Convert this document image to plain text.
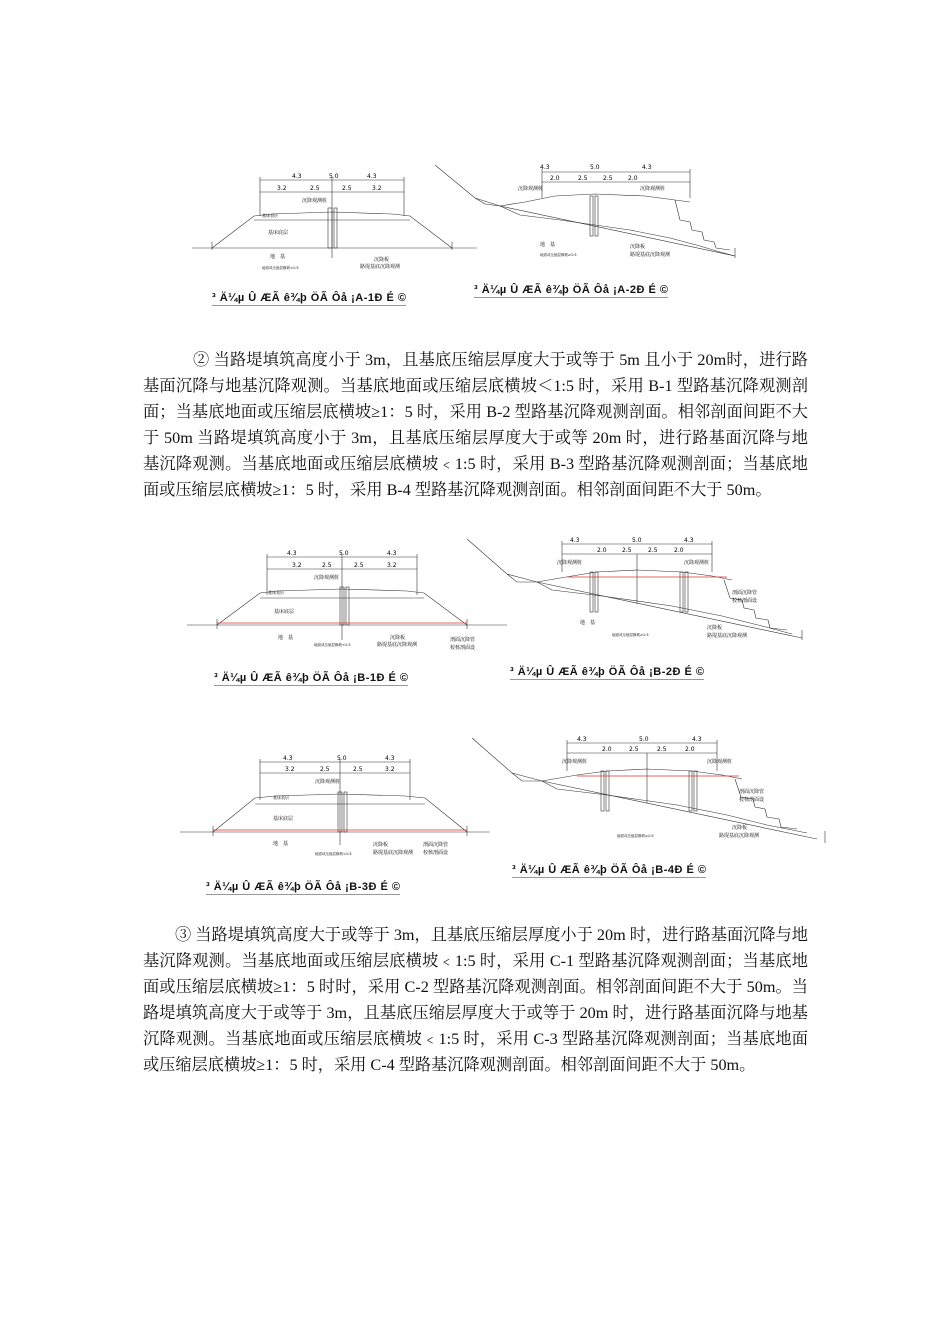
4.3	5.0	4.3
3.2	2.5	2.5	3.2
沉降观测桩
基床表层
基床底层
地　基	沉降板
路堤基底沉降观测
地面或压缩层横坡<1:5
³ Ä¼µ Û ÆÃ ê¾þ ÖÃ Ôå ¡A-1Ð É ©
4.3	5.0	4.3
2.0	2.5	2.5	2.0
沉降观测桩	沉降观测桩
地　基	沉降板
路堤基底沉降观测
地面或压缩层横坡≥1:5
³ Ä¼µ Û ÆÃ ê¾þ ÖÃ Ôå ¡A-2Ð É ©

② 当路堤填筑高度小于 3m，且基底压缩层厚度大于或等于 5m 且小于 20m时，进行路基面沉降与地基沉降观测。当基底地面或压缩层底横坡＜1:5 时，采用 B-1 型路基沉降观测剖面；当基底地面或压缩层底横坡≥1：5 时，采用 B-2 型路基沉降观测剖面。相邻剖面间距不大于 50m 当路堤填筑高度小于 3m，且基底压缩层厚度大于或等 20m 时，进行路基面沉降与地基沉降观测。当基底地面或压缩层底横坡﹤1:5 时，采用 B-3 型路基沉降观测剖面；当基底地面或压缩层底横坡≥1：5 时，采用 B-4 型路基沉降观测剖面。相邻剖面间距不大于 50m。

4.3	5.0	4.3
3.2	2.5	2.5	3.2
沉降观测桩
基床表层
基床底层
地　基	沉降板
路堤基底沉降观测
地面或压缩层横坡<1:5
剖面沉降管
校核剖面设
³ Ä¼µ Û ÆÃ ê¾þ ÖÃ Ôå ¡B-1Ð É ©
4.3	5.0	4.3
2.0	2.5	2.5	2.0
沉降观测桩	沉降观测桩
地　基
沉降板
路堤基底沉降观测
地面或压缩层横坡≥1:5
剖面沉降管
校核剖面设
³ Ä¼µ Û ÆÃ ê¾þ ÖÃ Ôå ¡B-2Ð É ©
4.3	5.0	4.3
3.2	2.5	2.5	3.2
沉降观测桩
基床表层
基床底层
地　基	沉降板
路堤基底沉降观测
地面或压缩层横坡<1:5
剖面沉降管
校核剖面设
³ Ä¼µ Û ÆÃ ê¾þ ÖÃ Ôå ¡B-3Ð É ©
4.3	5.0	4.3
2.0	2.5	2.5	2.0
沉降观测桩	沉降观测桩
沉降板
路堤基底沉降观测
地面或压缩层横坡≥1:5
剖面沉降管
校核剖面设
³ Ä¼µ Û ÆÃ ê¾þ ÖÃ Ôå ¡B-4Ð É ©

③ 当路堤填筑高度大于或等于 3m，且基底压缩层厚度小于 20m 时，进行路基面沉降与地基沉降观测。当基底地面或压缩层底横坡﹤1:5 时，采用 C-1 型路基沉降观测剖面；当基底地面或压缩层底横坡≥1：5 时时，采用 C-2 型路基沉降观测剖面。相邻剖面间距不大于 50m。当路堤填筑高度大于或等于 3m，且基底压缩层厚度大于或等于 20m 时，进行路基面沉降与地基沉降观测。当基底地面或压缩层底横坡﹤1:5 时，采用 C-3 型路基沉降观测剖面；当基底地面或压缩层底横坡≥1：5 时，采用 C-4 型路基沉降观测剖面。相邻剖面间距不大于 50m。
